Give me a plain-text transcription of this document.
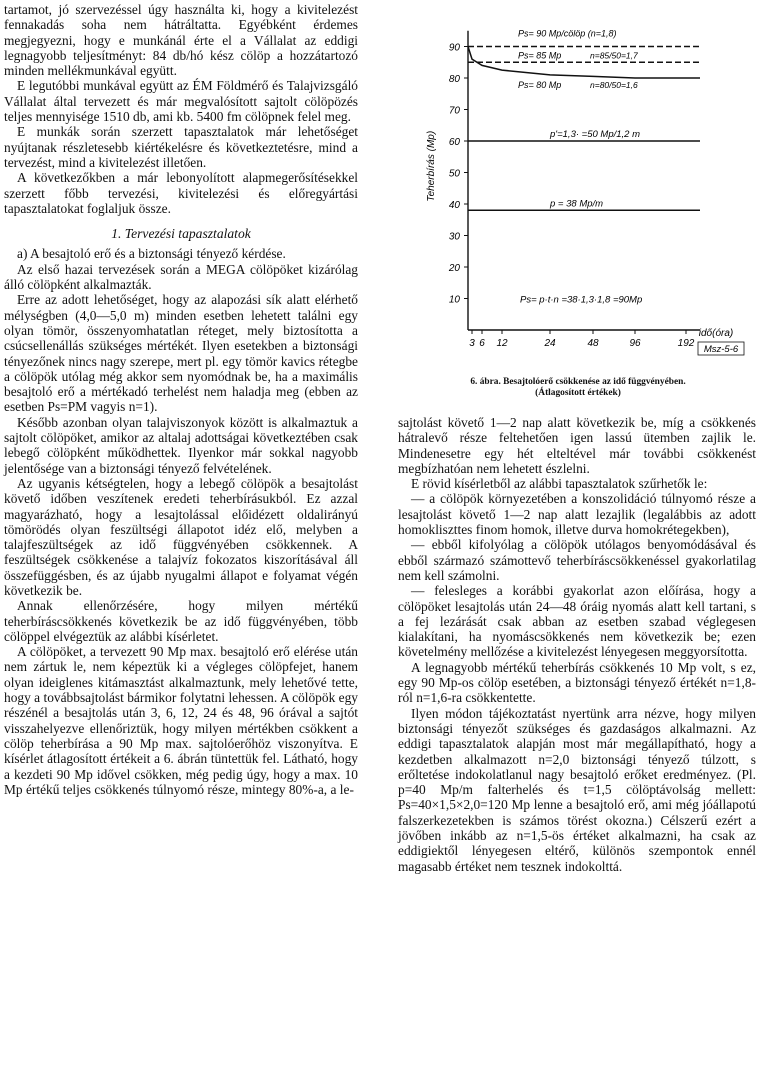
tartamot, jó szervezéssel úgy használta ki, hogy a kivitelezést fennakadás soha nem hátráltatta. Egyébként érdemes megjegyezni, hogy e munkánál érte el a Vállalat az eddigi legnagyobb teljesítményt: 84 db/hó kész cölöp a hozzátartozó minden mellékmunkával együtt.

E legutóbbi munkával együtt az ÉM Földmérő és Talajvizsgáló Vállalat által tervezett és már megvalósított sajtolt cölöpözés teljes mennyisége 1510 db, ami kb. 5400 fm cölöpnek felel meg.

E munkák során szerzett tapasztalatok már lehetőséget nyújtanak részletesebb kiértékelésre és következtetésre, mind a tervezést, mind a kivitelezést illetően.

A következőkben a már lebonyolított alapmegerősítésekkel szerzett főbb tervezési, kivitelezési és előregyártási tapasztalatokat foglaljuk össze.

1. Tervezési tapasztalatok

a) A besajtoló erő és a biztonsági tényező kérdése.

Az első hazai tervezések során a MEGA cölöpöket kizárólag álló cölöpként alkalmazták.

Erre az adott lehetőséget, hogy az alapozási sík alatt elérhető mélységben (4,0—5,0 m) minden esetben lehetett találni egy olyan tömör, összenyomhatatlan réteget, mely biztosította a csúcsellenállás szükséges mértékét. Ilyen esetekben a biztonsági tényezőnek nincs nagy szerepe, mert pl. egy tömör kavics rétegbe a cölöpök utólag még akkor sem nyomódnak be, ha a maximális besajtoló erő a mértékadó terhelést nem haladja meg (ebben az esetben Ps=PM vagyis n=1).

Később azonban olyan talajviszonyok között is alkalmaztuk a sajtolt cölöpöket, amikor az altalaj adottságai következtében csak lebegő cölöpként működhettek. Ilyenkor már sokkal nagyobb jelentősége van a biztonsági tényező felvételének.

Az ugyanis kétségtelen, hogy a lebegő cölöpök a besajtolást követő időben veszítenek eredeti teherbírásukból. Ez azzal magyarázható, hogy a lesajtolással előidézett oldalirányú tömörödés olyan feszültségi állapotot idéz elő, melyben a talajfeszültségek az idő függvényében csökkennek. A feszültségek csökkenése a talajvíz fokozatos kiszorításával áll összefüggésben, és az újabb nyugalmi állapot e folyamat végén következik be.

Annak ellenőrzésére, hogy milyen mértékű teherbíráscsökkenés következik be az idő függvényében, több cölöppel elvégeztük az alábbi kísérletet.

A cölöpöket, a tervezett 90 Mp max. besajtoló erő elérése után nem zártuk le, nem képeztük ki a végleges cölöpfejet, hanem olyan ideiglenes kitámasztást alkalmaztunk, mely lehetővé tette, hogy a továbbsajtolást bármikor folytatni lehessen. A cölöpök egy részénél a besajtolás után 3, 6, 12, 24 és 48, 96 órával a sajtót visszahelyezve ellenőriztük, hogy milyen mértékben csökkent a cölöp teherbírása a 90 Mp max. sajtolóerőhöz viszonyítva. E kísérlet átlagosított értékeit a 6. ábrán tüntettük fel. Látható, hogy a kezdeti 90 Mp idővel csökken, még pedig úgy, hogy a max. 10 Mp értékű teljes csökkenés túlnyomó része, mintegy 80%-a, a le-

10
20
30
40
50
60
70
80
90
3 6 12	24	48	96	192
Teherbírás (Mp)
idő(óra)
Msz-5-6
Ps= 90 Mp/cölöp (n=1,8)
Ps= 85 Mp	n=85/50=1,7
Ps= 80 Mp	n=80/50=1,6
p'=1,3· =50 Mp/1,2 m
p = 38 Mp/m
Ps= p·t·n =38·1,3·1,8 =90Mp
6. ábra. Besajtolóerő csökkenése az idő függvényében.
(Átlagosított értékek)

sajtolást követő 1—2 nap alatt következik be, míg a csökkenés hátralevő része feltehetően igen lassú ütemben zajlik le. Mindenesetre egy hét elteltével már további csökkenést megbízhatóan nem lehetett észlelni.

E rövid kísérletből az alábbi tapasztalatok szűrhetők le:

— a cölöpök környezetében a konszolidáció túlnyomó része a lesajtolást követő 1—2 nap alatt lezajlik (legalábbis az adott homokliszttes finom homok, illetve durva homokrétegekben),

— ebből kifolyólag a cölöpök utólagos benyomódásával és ebből származó számottevő teherbíráscsökkenéssel gyakorlatilag nem kell számolni.

— felesleges a korábbi gyakorlat azon előírása, hogy a cölöpöket lesajtolás után 24—48 óráig nyomás alatt kell tartani, s a fej lezárását csak abban az esetben szabad véglegesen kialakítani, ha nyomáscsökkenés nem következik be; ezen követelmény mellőzése a kivitelezést lényegesen meggyorsította.

A legnagyobb mértékű teherbírás csökkenés 10 Mp volt, s ez, egy 90 Mp-os cölöp esetében, a biztonsági tényező értékét n=1,8-ról n=1,6-ra csökkentette.

Ilyen módon tájékoztatást nyertünk arra nézve, hogy milyen biztonsági tényezőt szükséges és gazdaságos alkalmazni. Az eddigi tapasztalatok alapján most már megállapítható, hogy a kezdetben alkalmazott n=2,0 biztonsági tényező túlzott, s erőltetése indokolatlanul nagy besajtoló erőket eredményez. (Pl. p=40 Mp/m falterhelés és t=1,5 cölöptávolság mellett: Ps=40×1,5×2,0=120 Mp lenne a besajtoló erő, ami még jóállapotú falszerkezetekben is számos törést okozna.) Célszerű ezért a jövőben inkább az n=1,5-ös értéket alkalmazni, ha csak az eddigiektől lényegesen eltérő, különös szempontok ennél magasabb értéket nem tesznek indokolttá.
